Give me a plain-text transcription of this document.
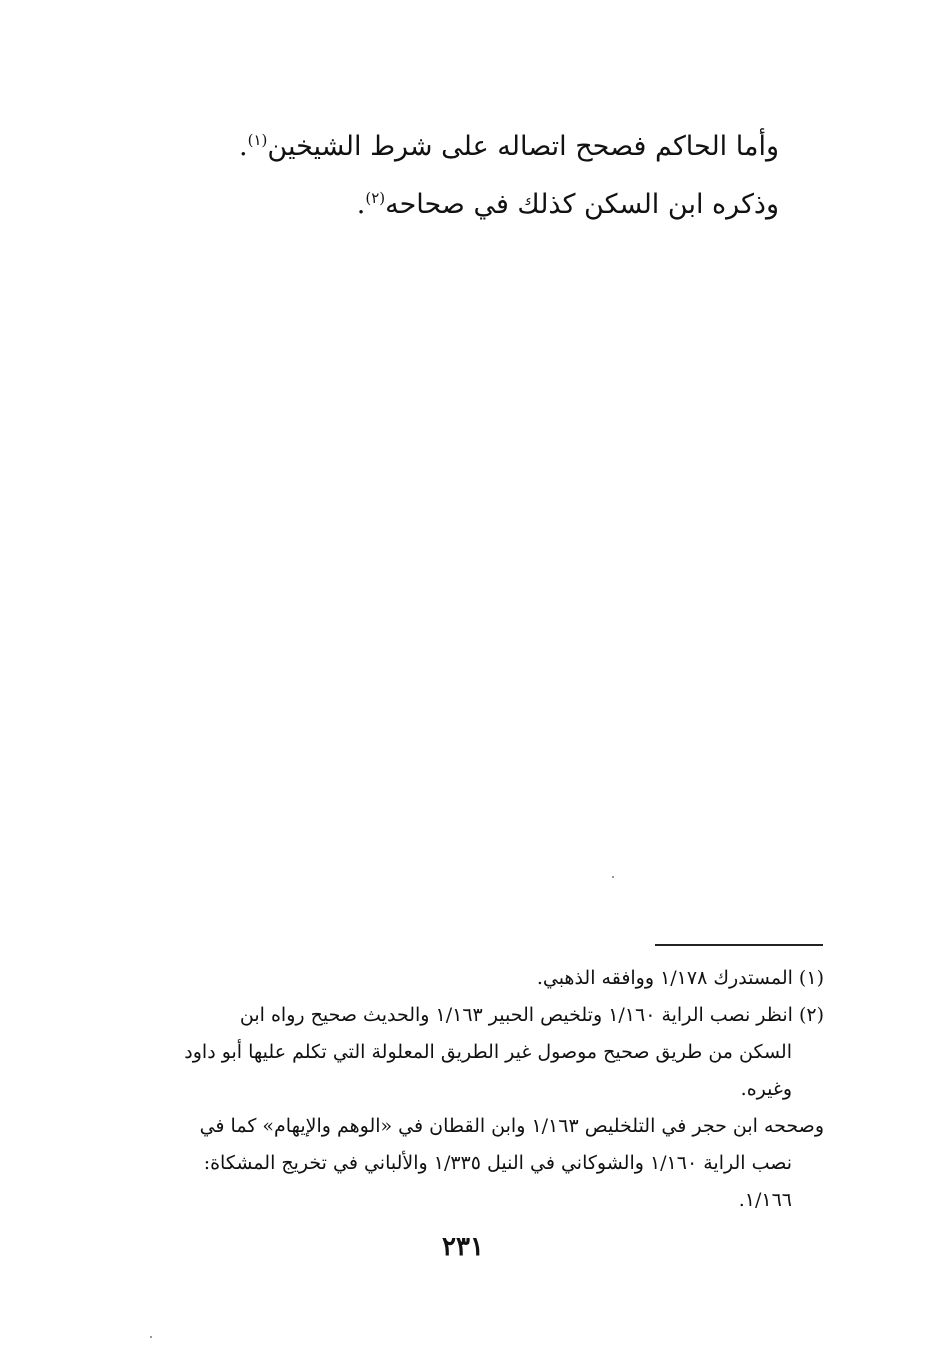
وأما الحاكم فصحح اتصاله على شرط الشيخين$^{(١)}$.
وذكره ابن السكن كذلك في صحاحه$^{(٢)}$.
(١) المستدرك ١/١٧٨ ووافقه الذهبي.
(٢) انظر نصب الراية ١/١٦٠ وتلخيص الحبير ١/١٦٣ والحديث صحيح رواه ابن
السكن من طريق صحيح موصول غير الطريق المعلولة التي تكلم عليها أبو داود
وغيره.
وصححه ابن حجر في التلخليص ١/١٦٣ وابن القطان في «الوهم والإيهام» كما في
نصب الراية ١/١٦٠ والشوكاني في النيل ١/٣٣٥ والألباني في تخريج المشكاة:
١/١٦٦.
٢٣١
